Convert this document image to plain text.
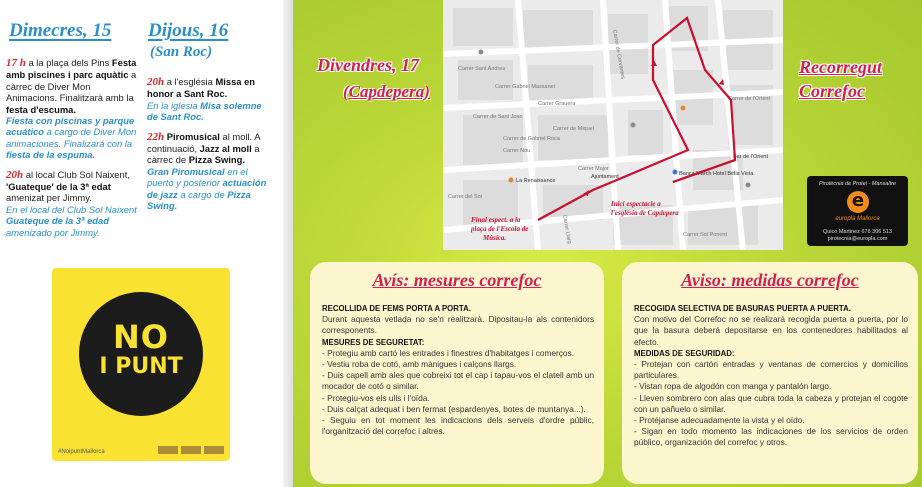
Dimecres, 15 Dijous, 16
(San Roc)

17 h a la plaça dels Pins Festa amb piscines i parc aquàtic a càrrec de Diver Mon Animacions. Finalitzarà amb la festa d'escuma.
Fiesta con piscinas y parque acuático a cargo de Diver Mon animaciones. Finalizará con la fiesta de la espuma.

20h al local Club Sol Naixent, 'Guateque' de la 3ª edat amenizat per Jimmy.
En el local del Club Sol Naixent Guateque de la 3ª edad amenizado por Jimmy.

20h a l'església Missa en honor a Sant Roc.
En la iglesia Misa solemne de Sant Roc.

22h Piromusical al moll. A continuació, Jazz al moll a càrrec de Pizza Swing.
Gran Piromusical en el puerto y posterior actuación de jazz a cargo de Pizza Swing.

NO
I PUNT
!
#NoipuntMallorca
Carrer Sant Andreu
Carrer Gabriel Massanet
Carrer de Sant Joan
Carrer de Cervantes
Carrer Grauera
Carrer de Gabriel Roca
Carrer de Miquel
Carrer Nou
Carrer Major
Carrer de l'Orient
Carrer del Sol
Carrer Llarg	Carrer Sol Ponent
La Renaissance
Ajuntament	Banca March Hotel Bella Vista
Bar de l'Orient
Inici espectacle a
l'església de Capdepera
Final espect. a la
plaça de l'Escola de
Música.
Divendres, 17
(Capdepera)
Recorregut
Correfoc
Pirotècnia de Protel - Mansaltre
e
europlà Mallorca
Quico Martinez 676 306 513
pirotecnia@europla.com
Avís: mesures correfoc
RECOLLIDA DE FEMS PORTA A PORTA.
Durant aquesta vetlada no se'n realitzarà. Dipositau-la als contenidors corresponents.
MESURES DE SEGURETAT:
- Protegiu amb cartó les entrades i finestres d'habitatges i comerços.
- Vestiu roba de cotó, amb mànigues i calçons llargs.
- Duis capell amb ales que cobreixi tot el cap i tapau-vos el clatell amb un mocador de cotó o similar.
- Protegiu-vos els ulls i l'oïda.
- Duis calçat adequat i ben fermat (espardenyes, botes de muntanya...).
- Seguiu en tot moment les indicacions dels serveis d'ordre públic, l'organització del correfoc i altres.
Aviso: medidas correfoc
RECOGIDA SELECTIVA DE BASURAS PUERTA A PUERTA.
Con motivo del Correfoc no se realizará recogida puerta a puerta, por lo que la basura deberá depositarse en los contenedores habilitados al efecto.
MEDIDAS DE SEGURIDAD:
- Protejan con cartón entradas y ventanas de comercios y domicilios particulares.
- Vistan ropa de algodón con manga y pantalón largo.
- Lleven sombrero con alas que cubra toda la cabeza y protejan el cogote con un pañuelo o similar.
- Protéjanse adecuadamente la vista y el oído.
- Sigan en todo momento las indicaciones de los servicios de orden público, organización del correfoc y otros.
